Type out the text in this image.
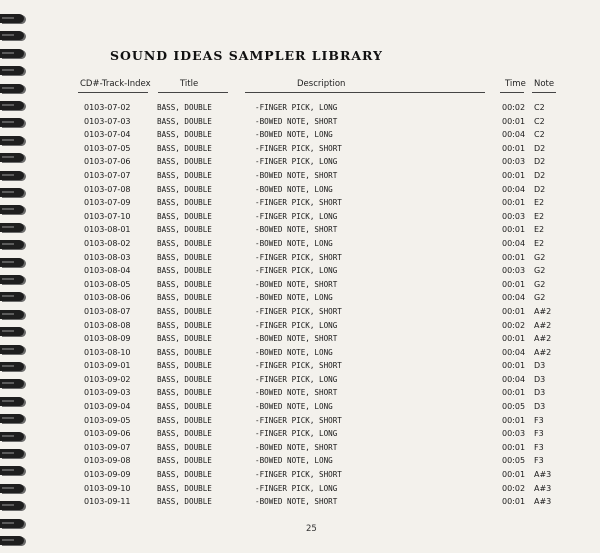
SOUND IDEAS SAMPLER LIBRARY
CD#-Track-Index	Title	Description	Time Note
0103-07-02	BASS, DOUBLE	-FINGER PICK, LONG	00:02 C2
0103-07-03	BASS, DOUBLE	-BOWED NOTE, SHORT	00:01 C2
0103-07-04	BASS, DOUBLE	-BOWED NOTE, LONG	00:04 C2
0103-07-05	BASS, DOUBLE	-FINGER PICK, SHORT	00:01 D2
0103-07-06	BASS, DOUBLE	-FINGER PICK, LONG	00:03 D2
0103-07-07	BASS, DOUBLE	-BOWED NOTE, SHORT	00:01 D2
0103-07-08	BASS, DOUBLE	-BOWED NOTE, LONG	00:04 D2
0103-07-09	BASS, DOUBLE	-FINGER PICK, SHORT	00:01 E2
0103-07-10	BASS, DOUBLE	-FINGER PICK, LONG	00:03 E2
0103-08-01	BASS, DOUBLE	-BOWED NOTE, SHORT	00:01 E2
0103-08-02	BASS, DOUBLE	-BOWED NOTE, LONG	00:04 E2
0103-08-03	BASS, DOUBLE	-FINGER PICK, SHORT	00:01 G2
0103-08-04	BASS, DOUBLE	-FINGER PICK, LONG	00:03 G2
0103-08-05	BASS, DOUBLE	-BOWED NOTE, SHORT	00:01 G2
0103-08-06	BASS, DOUBLE	-BOWED NOTE, LONG	00:04 G2
0103-08-07	BASS, DOUBLE	-FINGER PICK, SHORT	00:01 A#2
0103-08-08	BASS, DOUBLE	-FINGER PICK, LONG	00:02 A#2
0103-08-09	BASS, DOUBLE	-BOWED NOTE, SHORT	00:01 A#2
0103-08-10	BASS, DOUBLE	-BOWED NOTE, LONG	00:04 A#2
0103-09-01	BASS, DOUBLE	-FINGER PICK, SHORT	00:01 D3
0103-09-02	BASS, DOUBLE	-FINGER PICK, LONG	00:04 D3
0103-09-03	BASS, DOUBLE	-BOWED NOTE, SHORT	00:01 D3
0103-09-04	BASS, DOUBLE	-BOWED NOTE, LONG	00:05 D3
0103-09-05	BASS, DOUBLE	-FINGER PICK, SHORT	00:01 F3
0103-09-06	BASS, DOUBLE	-FINGER PICK, LONG	00:03 F3
0103-09-07	BASS, DOUBLE	-BOWED NOTE, SHORT	00:01 F3
0103-09-08	BASS, DOUBLE	-BOWED NOTE, LONG	00:05 F3
0103-09-09	BASS, DOUBLE	-FINGER PICK, SHORT	00:01 A#3
0103-09-10	BASS, DOUBLE	-FINGER PICK, LONG	00:02 A#3
0103-09-11	BASS, DOUBLE	-BOWED NOTE, SHORT	00:01 A#3
25
